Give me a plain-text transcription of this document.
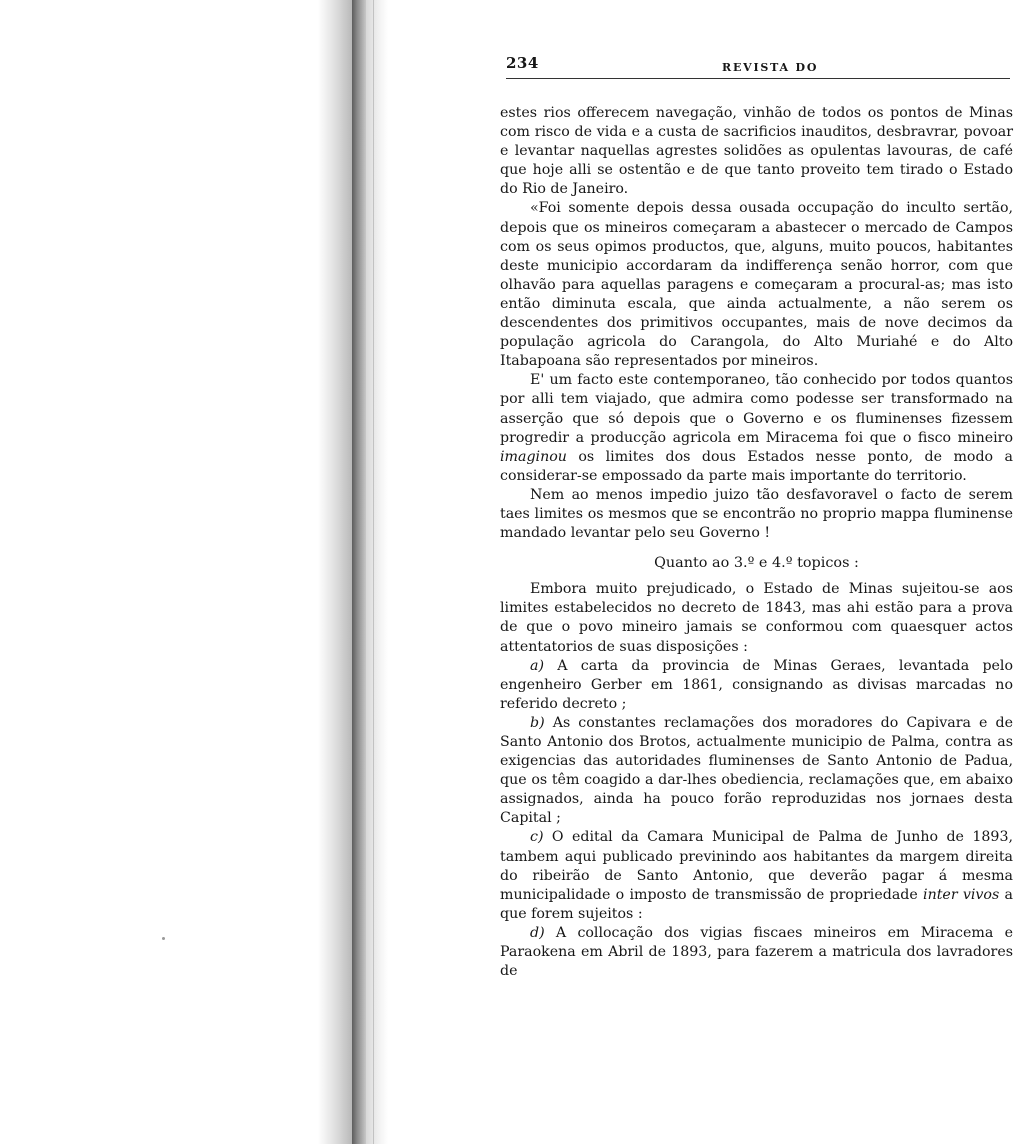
234	REVISTA DO

estes rios offerecem navegação, vinhão de todos os pontos de Minas com risco de vida e a custa de sacrificios inauditos, desbravrar, povoar e levantar naquellas agrestes solidões as opulentas lavouras, de café que hoje alli se ostentão e de que tanto proveito tem tirado o Estado do Rio de Janeiro.

«Foi somente depois dessa ousada occupação do inculto sertão, depois que os mineiros começaram a abastecer o mercado de Campos com os seus opimos productos, que, alguns, muito poucos, habitantes deste municipio accordaram da indifferença senão horror, com que olhavão para aquellas paragens e começaram a procural-as; mas isto então diminuta escala, que ainda actualmente, a não serem os descendentes dos primitivos occupantes, mais de nove decimos da população agricola do Carangola, do Alto Muriahé e do Alto Itabapoana são representados por mineiros.

E' um facto este contemporaneo, tão conhecido por todos quantos por alli tem viajado, que admira como podesse ser transformado na asserção que só depois que o Governo e os fluminenses fizessem progredir a producção agricola em Miracema foi que o fisco mineiro imaginou os limites dos dous Estados nesse ponto, de modo a considerar-se empossado da parte mais importante do territorio.

Nem ao menos impedio juizo tão desfavoravel o facto de serem taes limites os mesmos que se encontrão no proprio mappa fluminense mandado levantar pelo seu Governo !

Quanto ao 3.º e 4.º topicos :

Embora muito prejudicado, o Estado de Minas sujeitou-se aos limites estabelecidos no decreto de 1843, mas ahi estão para a prova de que o povo mineiro jamais se conformou com quaesquer actos attentatorios de suas disposições :

a) A carta da provincia de Minas Geraes, levantada pelo engenheiro Gerber em 1861, consignando as divisas marcadas no referido decreto ;

b) As constantes reclamações dos moradores do Capivara e de Santo Antonio dos Brotos, actualmente municipio de Palma, contra as exigencias das autoridades fluminenses de Santo Antonio de Padua, que os têm coagido a dar-lhes obediencia, reclamações que, em abaixo assignados, ainda ha pouco forão reproduzidas nos jornaes desta Capital ;

c) O edital da Camara Municipal de Palma de Junho de 1893, tambem aqui publicado previnindo aos habitantes da margem direita do ribeirão de Santo Antonio, que deverão pagar á mesma municipalidade o imposto de transmissão de propriedade inter vivos a que forem sujeitos :

d) A collocação dos vigias fiscaes mineiros em Miracema e Paraokena em Abril de 1893, para fazerem a matricula dos lavradores de
